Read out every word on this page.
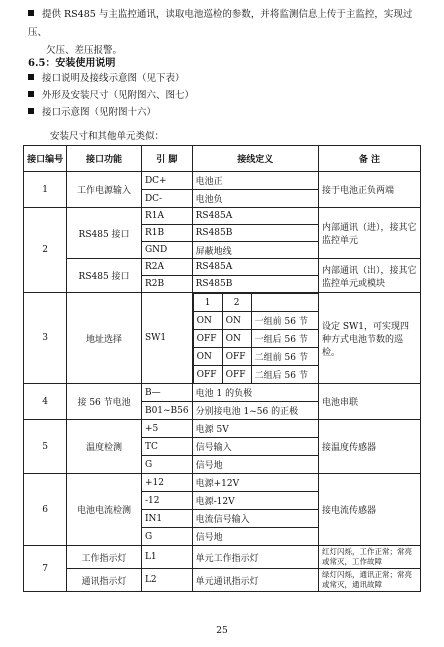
提供 RS485 与主监控通讯，读取电池巡检的参数，并将监测信息上传于主监控，实现过压、
欠压、差压报警。
6.5：安装使用说明
接口说明及接线示意图（见下表）
外形及安装尺寸（见附图六、图七）
接口示意图（见附图十六）
安装尺寸和其他单元类似：
接口编号	接口功能	引 脚	接线定义	备 注
1	工作电源输入	DC+	电池正	接于电池正负两端
DC-	电池负
2	RS485 接口	R1A	RS485A	内部通讯（进），接其它监控单元
R1B	RS485B
GND	屏蔽地线
RS485 接口	R2A	RS485A	内部通讯（出），接其它监控单元或模块
R2B	RS485B
3	地址选择	SW1	
1	2	
ON	ON	一组前 56 节
OFF	ON	一组后 56 节
ON	OFF	二组前 56 节
OFF	OFF	二组后 56 节
	设定 SW1，可实现四种方式电池节数的巡检。
4	接 56 节电池	B—	电池 1 的负极	电池串联
B01~B56	分别接电池 1~56 的正极
5	温度检测	+5	电源 5V	接温度传感器
TC	信号输入
G	信号地
6	电池电流检测	+12	电源+12V	接电流传感器
-12	电源-12V
IN1	电流信号输入
G	信号地
7	工作指示灯	L1	单元工作指示灯	红灯闪烁，工作正常；常亮或常灭，工作故障
通讯指示灯	L2	单元通讯指示灯	绿灯闪烁，通讯正常；常亮或常灭，通讯故障
25
